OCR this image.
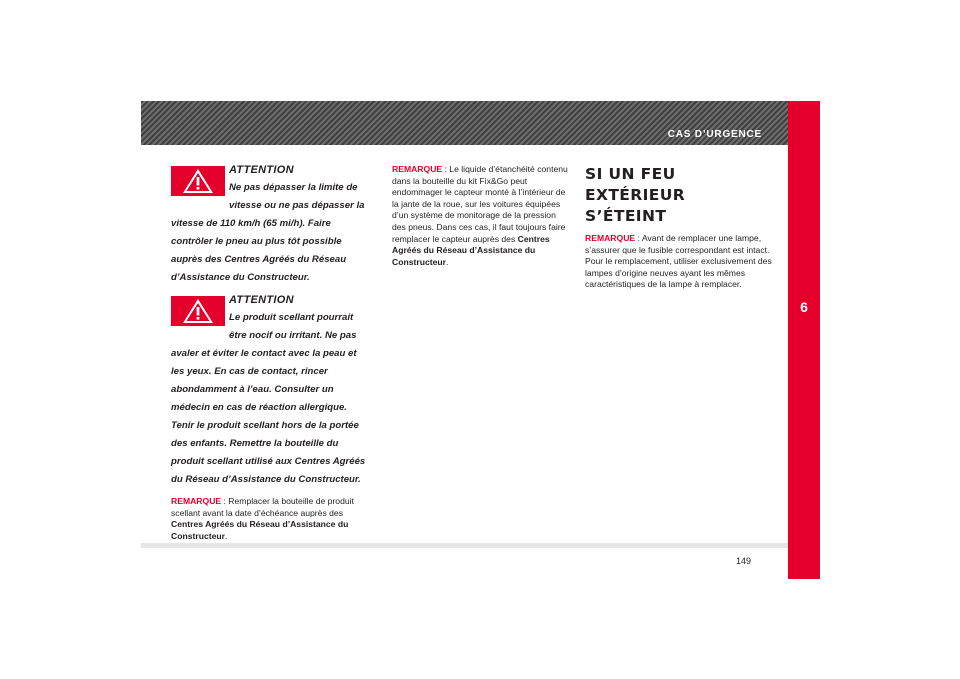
CAS D’URGENCE
6
ATTENTION
Ne pas dépasser la limite de vitesse ou ne pas dépasser la vitesse de 110 km/h (65 mi/h). Faire contrôler le pneu au plus tôt possible auprès des Centres Agréés du Réseau d’Assistance du Constructeur.
ATTENTION
Le produit scellant pourrait être nocif ou irritant. Ne pas avaler et éviter le contact avec la peau et les yeux. En cas de contact, rincer abondamment à l’eau. Consulter un médecin en cas de réaction allergique. Tenir le produit scellant hors de la portée des enfants. Remettre la bouteille du produit scellant utilisé aux Centres Agréés du Réseau d’Assistance du Constructeur.

REMARQUE : Remplacer la bouteille de produit scellant avant la date d’échéance auprès des Centres Agréés du Réseau d’Assistance du Constructeur.

REMARQUE : Le liquide d’étanchéité contenu dans la bouteille du kit Fix&Go peut endommager le capteur monté à l’intérieur de la jante de la roue, sur les voitures équipées d’un système de monitorage de la pression des pneus. Dans ces cas, il faut toujours faire remplacer le capteur auprès des Centres Agréés du Réseau d’Assistance du Constructeur.

SI UN FEU EXTÉRIEUR S’ÉTEINT

REMARQUE : Avant de remplacer une lampe, s’assurer que le fusible correspondant est intact. Pour le remplacement, utiliser exclusivement des lampes d’origine neuves ayant les mêmes caractéristiques de la lampe à remplacer.

149
